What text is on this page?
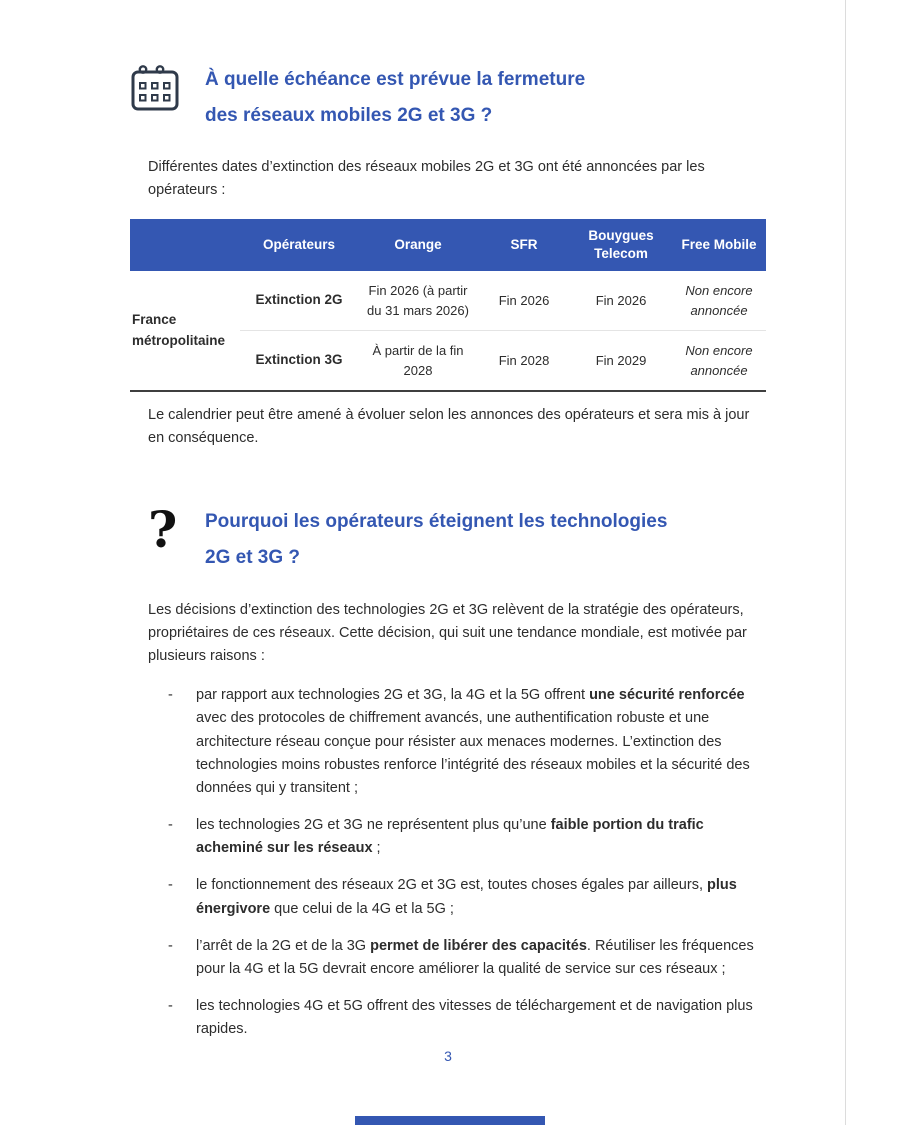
À quelle échéance est prévue la fermeture
des réseaux mobiles 2G et 3G ?

Différentes dates d’extinction des réseaux mobiles 2G et 3G ont été annoncées par les opérateurs :

	Opérateurs	Orange	SFR	Bouygues Telecom	Free Mobile
France métropolitaine	Extinction 2G	Fin 2026 (à partir du 31 mars 2026)	Fin 2026	Fin 2026	Non encore annoncée
	Extinction 3G	À partir de la fin 2028	Fin 2028	Fin 2029	Non encore annoncée

Le calendrier peut être amené à évoluer selon les annonces des opérateurs et sera mis à jour en conséquence.

?	Pourquoi les opérateurs éteignent les technologies
2G et 3G ?

Les décisions d’extinction des technologies 2G et 3G relèvent de la stratégie des opérateurs, propriétaires de ces réseaux. Cette décision, qui suit une tendance mondiale, est motivée par plusieurs raisons :

- par rapport aux technologies 2G et 3G, la 4G et la 5G offrent une sécurité renforcée avec des protocoles de chiffrement avancés, une authentification robuste et une architecture réseau conçue pour résister aux menaces modernes. L’extinction des technologies moins robustes renforce l’intégrité des réseaux mobiles et la sécurité des données qui y transitent ;
- les technologies 2G et 3G ne représentent plus qu’une faible portion du trafic acheminé sur les réseaux ;
- le fonctionnement des réseaux 2G et 3G est, toutes choses égales par ailleurs, plus énergivore que celui de la 4G et la 5G ;
- l’arrêt de la 2G et de la 3G permet de libérer des capacités. Réutiliser les fréquences pour la 4G et la 5G devrait encore améliorer la qualité de service sur ces réseaux ;
- les technologies 4G et 5G offrent des vitesses de téléchargement et de navigation plus rapides.
3
